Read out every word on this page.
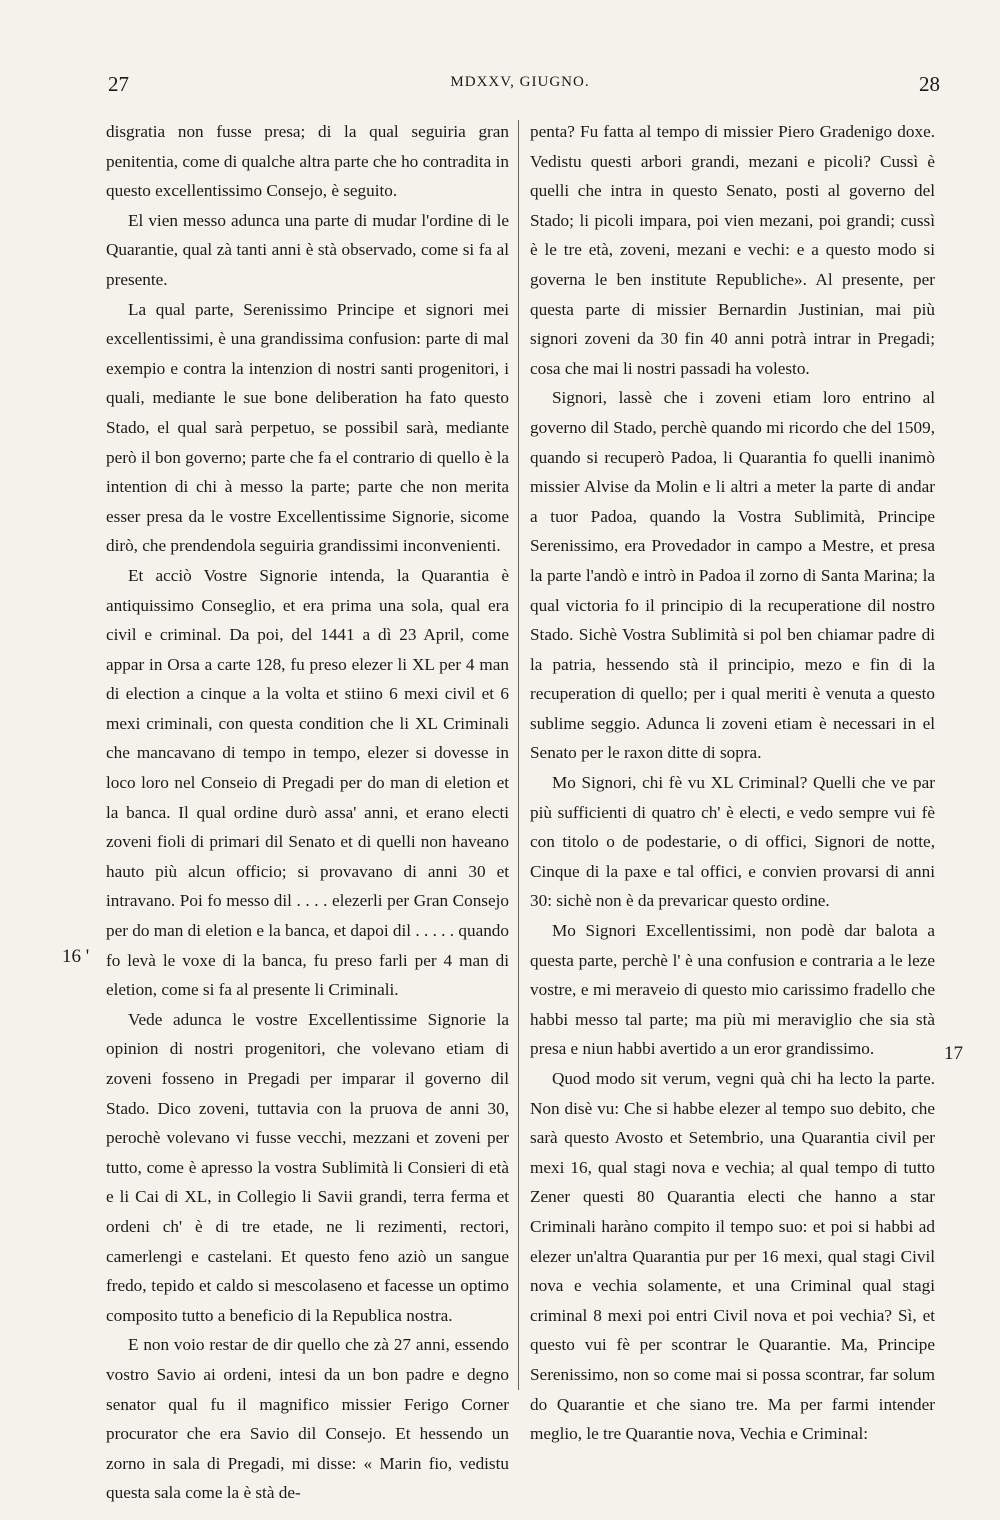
27	MDXXV, GIUGNO.	28
16 '
17

disgratia non fusse presa; di la qual seguiria gran penitentia, come di qualche altra parte che ho contradita in questo excellentissimo Consejo, è seguito.

El vien messo adunca una parte di mudar l'ordine di le Quarantie, qual zà tanti anni è stà observado, come si fa al presente.

La qual parte, Serenissimo Principe et signori mei excellentissimi, è una grandissima confusion: parte di mal exempio e contra la intenzion di nostri santi progenitori, i quali, mediante le sue bone deliberation ha fato questo Stado, el qual sarà perpetuo, se possibil sarà, mediante però il bon governo; parte che fa el contrario di quello è la intention di chi à messo la parte; parte che non merita esser presa da le vostre Excellentissime Signorie, sicome dirò, che prendendola seguiria grandissimi inconvenienti.

Et acciò Vostre Signorie intenda, la Quarantia è antiquissimo Conseglio, et era prima una sola, qual era civil e criminal. Da poi, del 1441 a dì 23 April, come appar in Orsa a carte 128, fu preso elezer li XL per 4 man di election a cinque a la volta et stiino 6 mexi civil et 6 mexi criminali, con questa condition che li XL Criminali che mancavano di tempo in tempo, elezer si dovesse in loco loro nel Conseio di Pregadi per do man di eletion et la banca. Il qual ordine durò assa' anni, et erano electi zoveni fioli di primari dil Senato et di quelli non haveano hauto più alcun officio; si provavano di anni 30 et intravano. Poi fo messo dil . . . . elezerli per Gran Consejo per do man di eletion e la banca, et dapoi dil . . . . . quando fo levà le voxe di la banca, fu preso farli per 4 man di eletion, come si fa al presente li Criminali.

Vede adunca le vostre Excellentissime Signorie la opinion di nostri progenitori, che volevano etiam di zoveni fosseno in Pregadi per imparar il governo dil Stado. Dico zoveni, tuttavia con la pruova de anni 30, perochè volevano vi fusse vecchi, mezzani et zoveni per tutto, come è apresso la vostra Sublimità li Consieri di età e li Cai di XL, in Collegio li Savii grandi, terra ferma et ordeni ch' è di tre etade, ne li rezimenti, rectori, camerlengi e castelani. Et questo feno aziò un sangue fredo, tepido et caldo si mescolaseno et facesse un optimo composito tutto a beneficio di la Republica nostra.

E non voio restar de dir quello che zà 27 anni, essendo vostro Savio ai ordeni, intesi da un bon padre e degno senator qual fu il magnifico missier Ferigo Corner procurator che era Savio dil Consejo. Et hessendo un zorno in sala di Pregadi, mi disse: « Marin fio, vedistu questa sala come la è stà de-

penta? Fu fatta al tempo di missier Piero Gradenigo doxe. Vedistu questi arbori grandi, mezani e picoli? Cussì è quelli che intra in questo Senato, posti al governo del Stado; li picoli impara, poi vien mezani, poi grandi; cussì è le tre età, zoveni, mezani e vechi: e a questo modo si governa le ben institute Republiche». Al presente, per questa parte di missier Bernardin Justinian, mai più signori zoveni da 30 fin 40 anni potrà intrar in Pregadi; cosa che mai li nostri passadi ha volesto.

Signori, lassè che i zoveni etiam loro entrino al governo dil Stado, perchè quando mi ricordo che del 1509, quando si recuperò Padoa, li Quarantia fo quelli inanimò missier Alvise da Molin e li altri a meter la parte di andar a tuor Padoa, quando la Vostra Sublimità, Principe Serenissimo, era Provedador in campo a Mestre, et presa la parte l'andò e intrò in Padoa il zorno di Santa Marina; la qual victoria fo il principio di la recuperatione dil nostro Stado. Sichè Vostra Sublimità si pol ben chiamar padre di la patria, hessendo stà il principio, mezo e fin di la recuperation di quello; per i qual meriti è venuta a questo sublime seggio. Adunca li zoveni etiam è necessari in el Senato per le raxon ditte di sopra.

Mo Signori, chi fè vu XL Criminal? Quelli che ve par più sufficienti di quatro ch' è electi, e vedo sempre vui fè con titolo o de podestarie, o di offici, Signori de notte, Cinque di la paxe e tal offici, e convien provarsi di anni 30: sichè non è da prevaricar questo ordine.

Mo Signori Excellentissimi, non podè dar balota a questa parte, perchè l' è una confusion e contraria a le leze vostre, e mi meraveio di questo mio carissimo fradello che habbi messo tal parte; ma più mi meraviglio che sia stà presa e niun habbi avertido a un eror grandissimo.

Quod modo sit verum, vegni quà chi ha lecto la parte. Non disè vu: Che si habbe elezer al tempo suo debito, che sarà questo Avosto et Setembrio, una Quarantia civil per mexi 16, qual stagi nova e vechia; al qual tempo di tutto Zener questi 80 Quarantia electi che hanno a star Criminali haràno compito il tempo suo: et poi si habbi ad elezer un'altra Quarantia pur per 16 mexi, qual stagi Civil nova e vechia solamente, et una Criminal qual stagi criminal 8 mexi poi entri Civil nova et poi vechia? Sì, et questo vui fè per scontrar le Quarantie. Ma, Principe Serenissimo, non so come mai si possa scontrar, far solum do Quarantie et che siano tre. Ma per farmi intender meglio, le tre Quarantie nova, Vechia e Criminal:
